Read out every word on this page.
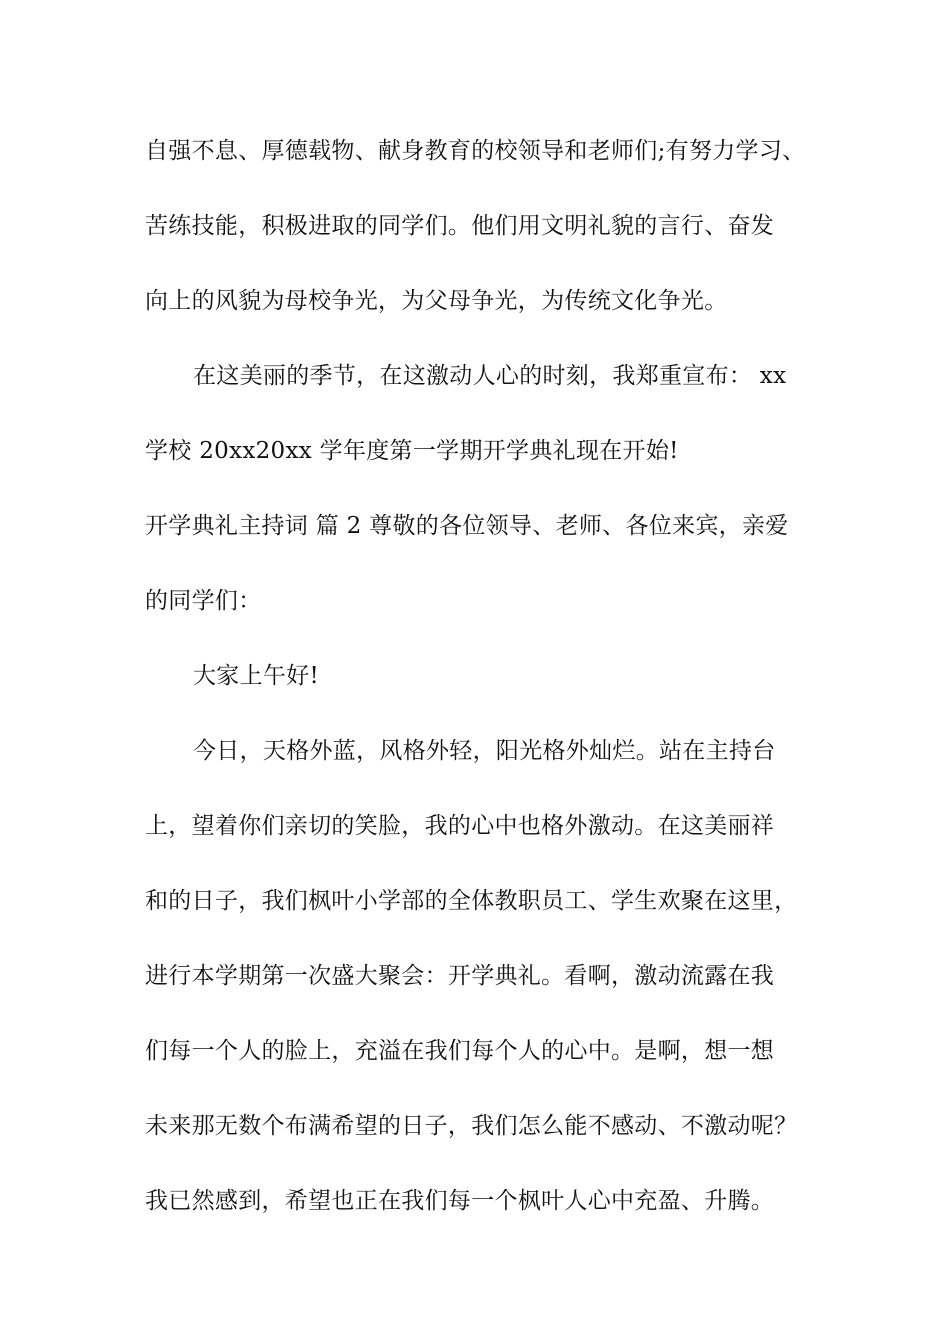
自强不息、厚德载物、献身教育的校领导和老师们;有努力学习、
苦练技能，积极进取的同学们。他们用文明礼貌的言行、奋发
向上的风貌为母校争光，为父母争光，为传统文化争光。
在这美丽的季节，在这激动人心的时刻，我郑重宣布： xx
学校 20xx20xx 学年度第一学期开学典礼现在开始!
开学典礼主持词 篇 2 尊敬的各位领导、老师、各位来宾，亲爱
的同学们：
大家上午好!
今日，天格外蓝，风格外轻，阳光格外灿烂。站在主持台
上，望着你们亲切的笑脸，我的心中也格外激动。在这美丽祥
和的日子，我们枫叶小学部的全体教职员工、学生欢聚在这里，
进行本学期第一次盛大聚会：开学典礼。看啊，激动流露在我
们每一个人的脸上，充溢在我们每个人的心中。是啊，想一想
未来那无数个布满希望的日子，我们怎么能不感动、不激动呢？
我已然感到，希望也正在我们每一个枫叶人心中充盈、升腾。
